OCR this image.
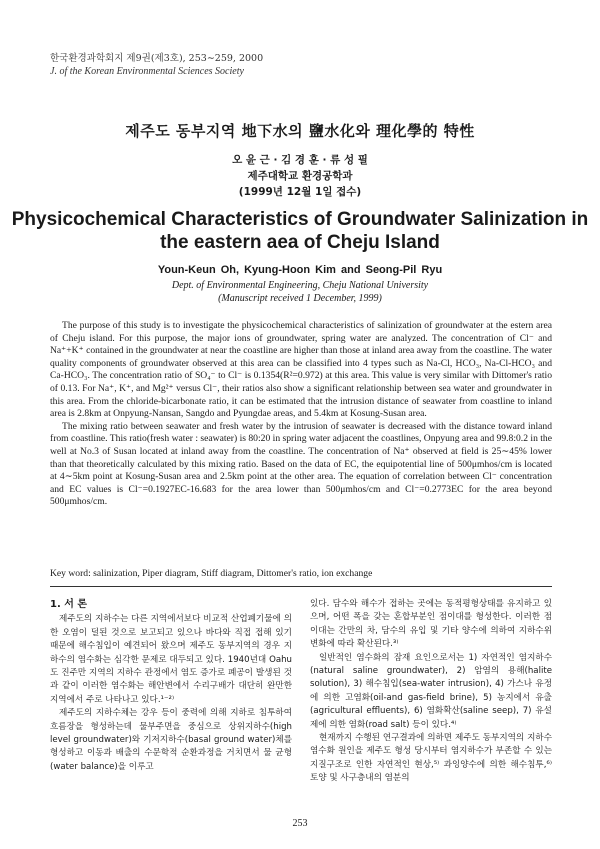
한국환경과학회지 제9권(제3호), 253∼259, 2000
J. of the Korean Environmental Sciences Society
제주도 동부지역 地下水의 鹽水化와 理化學的 特性
오 윤 근 · 김 경 훈 · 류 성 필
제주대학교 환경공학과
(1999년 12월 1일 접수)
Physicochemical Characteristics of Groundwater Salinization in
the eastern aea of Cheju Island
Youn-Keun Oh, Kyung-Hoon Kim and Seong-Pil Ryu
Dept. of Environmental Engineering, Cheju National University
(Manuscript received 1 December, 1999)

The purpose of this study is to investigate the physicochemical characteristics of salinization of groundwater at the estern area of Cheju island. For this purpose, the major ions of groundwater, spring water are analyzed. The concentration of Cl⁻ and Na⁺+K⁺ contained in the groundwater at near the coastline are higher than those at inland area away from the coastline. The water quality components of groundwater observed at this area can be classified into 4 types such as Na-Cl, HCO₃, Na-Cl-HCO₃ and Ca-HCO₃. The concentration ratio of SO₄⁻ to Cl⁻ is 0.1354(R²=0.972) at this area. This value is very similar with Dittomer's ratio of 0.13. For Na⁺, K⁺, and Mg²⁺ versus Cl⁻, their ratios also show a significant relationship between sea water and groundwater in this area. From the chloride-bicarbonate ratio, it can be estimated that the intrusion distance of seawater from coastline to inland area is 2.8km at Onpyung-Nansan, Sangdo and Pyungdae areas, and 5.4km at Kosung-Susan area.

The mixing ratio between seawater and fresh water by the intrusion of seawater is decreased with the distance toward inland from coastline. This ratio(fresh water : seawater) is 80:20 in spring water adjacent the coastlines, Onpyung area and 99.8:0.2 in the well at No.3 of Susan located at inland away from the coastline. The concentration of Na⁺ observed at field is 25∼45% lower than that theoretically calculated by this mixing ratio. Based on the data of EC, the equipotential line of 500μmhos/cm is located at 4∼5km point at Kosung-Susan area and 2.5km point at the other area. The equation of correlation between Cl⁻ concentration and EC values is Cl⁻=0.1927EC-16.683 for the area lower than 500μmhos/cm and Cl⁻=0.2773EC for the area beyond 500μmhos/cm.

Key word: salinization, Piper diagram, Stiff diagram, Dittomer's ratio, ion exchange
1. 서 론

제주도의 지하수는 다른 지역에서보다 비교적 산업폐기물에 의한 오염이 덜된 것으로 보고되고 있으나 바다와 직접 접해 있기 때문에 해수침입이 예견되어 왔으며 제주도 동부지역의 경우 지하수의 염수화는 심각한 문제로 대두되고 있다. 1940년대 Oahu도 진주만 지역의 지하수 관정에서 염도 증가로 폐공이 발생된 것과 같이 이러한 염수화는 해안변에서 수리구배가 대단히 완만한 지역에서 주로 나타나고 있다.¹⁻²⁾

제주도의 지하수체는 강우 등이 중력에 의해 지하로 침투하여 흐름장을 형성하는데 물부주면을 중심으로 상위지하수(high level groundwater)와 기저지하수(basal ground water)체를 형성하고 이동과 배출의 수문학적 순환과정을 거치면서 물 균형(water balance)을 이루고

있다. 담수와 해수가 접하는 곳에는 동적평형상태를 유지하고 있으며, 어떤 폭을 갖는 혼합부분인 점이대를 형성한다. 이러한 점이대는 간만의 차, 담수의 유입 및 기타 양수에 의하여 지하수위 변화에 따라 확산된다.³⁾

일반적인 염수화의 잠재 요인으로서는 1) 자연적인 염지하수(natural saline groundwater), 2) 암염의 용해(halite solution), 3) 해수침입(sea-water intrusion), 4) 가스나 유정에 의한 고염화(oil-and gas-field brine), 5) 농지에서 유출(agricultural effluents), 6) 염화확산(saline seep), 7) 유설제에 의한 염화(road salt) 등이 있다.⁴⁾

현재까지 수행된 연구결과에 의하면 제주도 동부지역의 지하수 염수화 원인을 제주도 형성 당시부터 염지하수가 부존할 수 있는 지질구조로 인한 자연적인 현상,⁵⁾ 과잉양수에 의한 해수침투,⁶⁾ 토양 및 사구층내의 염분의

253
